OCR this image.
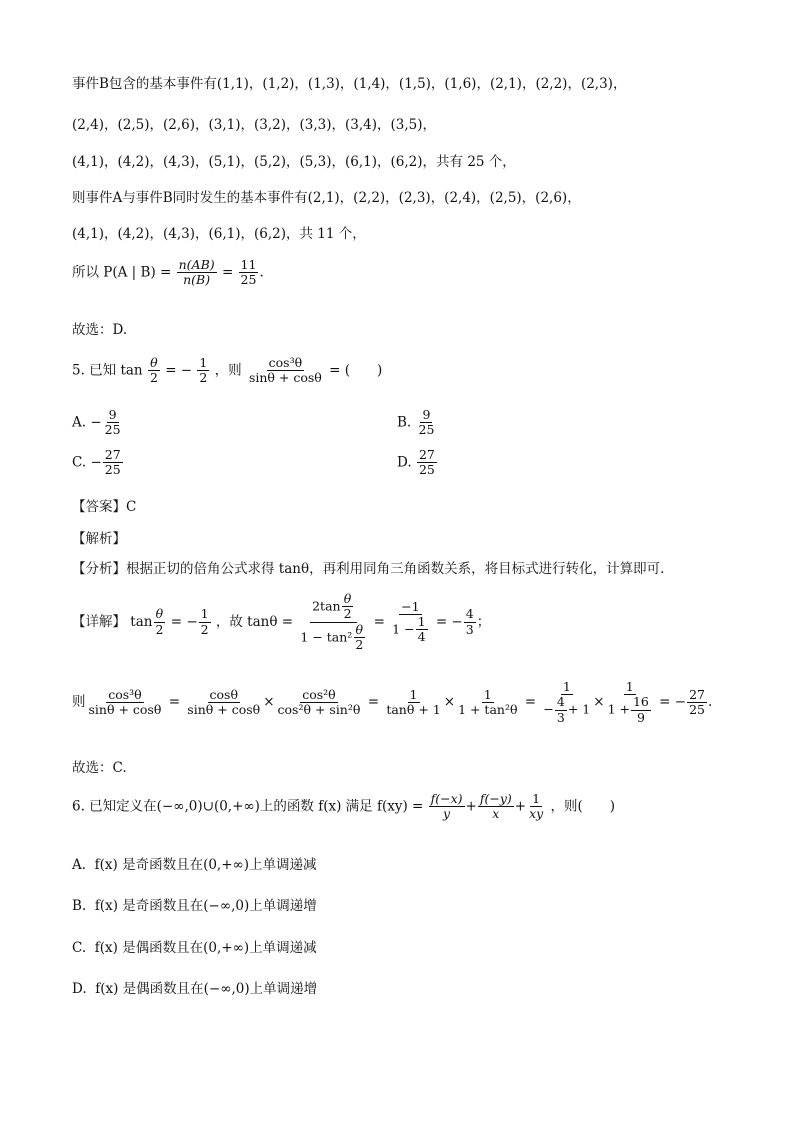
事件B包含的基本事件有(1,1)，(1,2)，(1,3)，(1,4)，(1,5)，(1,6)，(2,1)，(2,2)，(2,3)，
(2,4)，(2,5)，(2,6)，(3,1)，(3,2)，(3,3)，(3,4)，(3,5)，
(4,1)，(4,2)，(4,3)，(5,1)，(5,2)，(5,3)，(6,1)，(6,2)，共有 25 个，
则事件A与事件B同时发生的基本事件有(2,1)，(2,2)，(2,3)，(2,4)，(2,5)，(2,6)，
(4,1)，(4,2)，(4,3)，(6,1)，(6,2)，共 11 个，
所以 P(A | $B) = \frac{n(AB)}{n(B)} = \frac{11}{25}$ .
故选：D.
5. 已知 $\tan \frac{\theta}{2}$ = − $\frac{1}{2}$ ，则 $\frac{\text{cos³θ}}{\sin\theta + \cos\theta}$ = (　　)
A. − $\frac{9}{25}$	B. $\frac{9}{25}$
C. − $\frac{27}{25}$	D. $\frac{27}{25}$
【答案】C
【解析】
【分析】根据正切的倍角公式求得 tanθ，再利用同角三角函数关系，将目标式进行转化，计算即可.
【详解】 $\tan \frac{\theta}{2}$ = − $\frac{1}{2}$ ，故 $\tan\theta = \frac{2\tan \frac{\theta}{2}}{1 - \tan^2 \frac{\theta}{2}} = \frac{-1}{1 - \frac{1}{4}}$ = − $\frac{4}{3}$ ；
则 $\frac{\text{cos³θ}}{\sin\theta + \cos\theta} = \frac{\cos\theta}{\sin\theta + \cos\theta} \times \frac{\text{cos²θ}}{\text{cos²θ + sin²θ}} = \frac{1}{\tan\theta + 1} \times \frac{1}{\text{1 + tan²θ}} = \frac{1}{- \frac{4}{3} + 1} \times \frac{1}{1 + \frac{16}{9}}$ = − $\frac{27}{25}$ .
故选：C.
6. 已知定义在(−∞,0)∪(0,+∞)上的函数 f(x) 满足 $f(xy) = \frac{f(-x)}{y} + \frac{f(-y)}{x} + \frac{1}{xy}$ ，则(　　)
A. f(x) 是奇函数且在(0,+∞)上单调递减
B. f(x) 是奇函数且在(−∞,0)上单调递增
C. f(x) 是偶函数且在(0,+∞)上单调递减
D. f(x) 是偶函数且在(−∞,0)上单调递增
